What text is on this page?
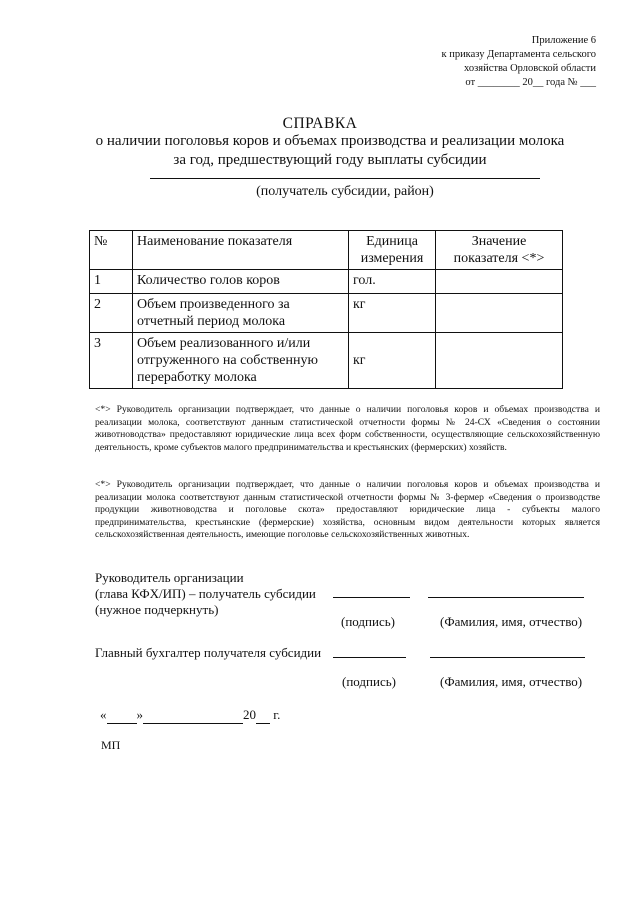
Приложение 6
к приказу Департамента сельского
хозяйства Орловской области
от ________ 20__ года № ___
СПРАВКА
о наличии поголовья коров и объемах производства и реализации молока за год, предшествующий году выплаты субсидии
(получатель субсидии, район)
№	Наименование показателя	Единица измерения	Значение показателя <*>
1	Количество голов коров	гол.	
2	Объем произведенного за отчетный период молока	кг	
3	Объем реализованного и/или отгруженного на собственную переработку молока	кг	
<*> Руководитель организации подтверждает, что данные о наличии поголовья коров и объемах производства и реализации молока, соответствуют данным статистической отчетности формы № 24-СХ «Сведения о состоянии животноводства» предоставляют юридические лица всех форм собственности, осуществляющие сельскохозяйственную деятельность, кроме субъектов малого предпринимательства и крестьянских (фермерских) хозяйств.
<*> Руководитель организации подтверждает, что данные о наличии поголовья коров и объемах производства и реализации молока соответствуют данным статистической отчетности формы № 3-фермер «Сведения о производстве продукции животноводства и поголовье скота» предоставляют юридические лица - субъекты малого предпринимательства, крестьянские (фермерские) хозяйства, основным видом деятельности которых является сельскохозяйственная деятельность, имеющие поголовье сельскохозяйственных животных.
Руководитель организации
(глава КФХ/ИП) – получатель субсидии
(нужное подчеркнуть)
(подпись)	(Фамилия, имя, отчество)
Главный бухгалтер получателя субсидии
(подпись)	(Фамилия, имя, отчество)
« »	20 г.
МП
